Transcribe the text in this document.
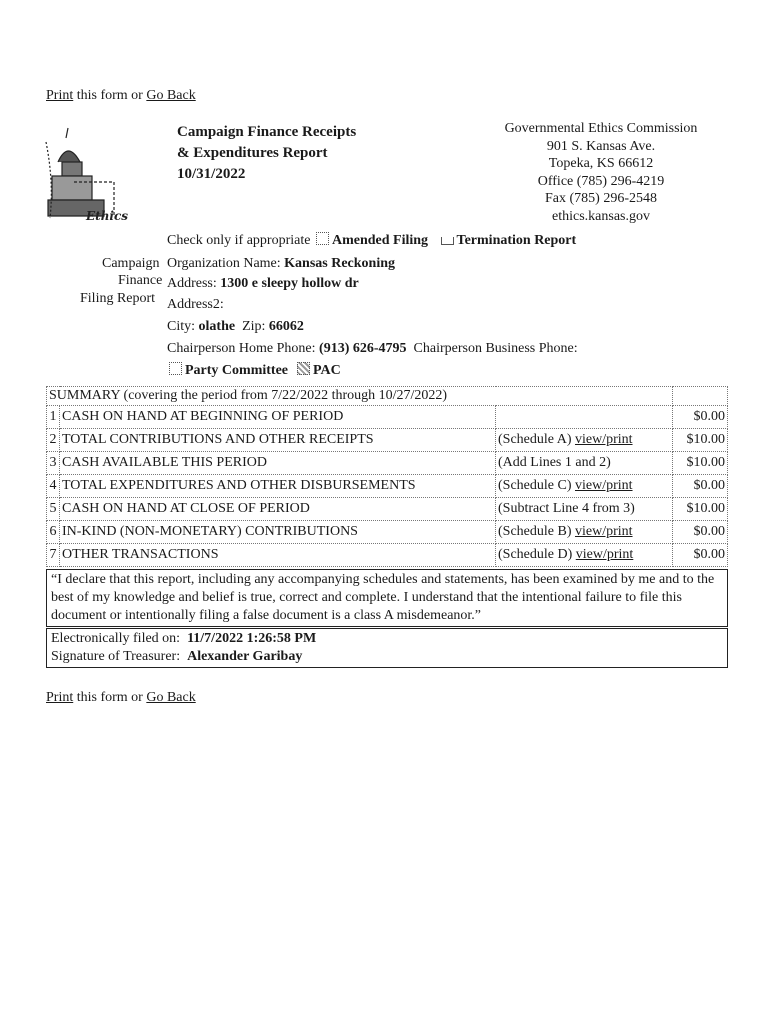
Print this form or Go Back
Ethics
Campaign Finance Receipts
& Expenditures Report
10/31/2022
Governmental Ethics Commission
901 S. Kansas Ave.
Topeka, KS 66612
Office (785) 296-4219
Fax (785) 296-2548
ethics.kansas.gov
Check only if appropriate Amended Filing Termination Report
Campaign
Finance
Filing Report
Organization Name: Kansas Reckoning
Address: 1300 e sleepy hollow dr
Address2:
City: olathe Zip: 66062
Chairperson Home Phone: (913) 626-4795 Chairperson Business Phone:
Party Committee PAC
SUMMARY (covering the period from 7/22/2022 through 10/27/2022)			
1	CASH ON HAND AT BEGINNING OF PERIOD		$0.00
2	TOTAL CONTRIBUTIONS AND OTHER RECEIPTS	(Schedule A) view/print	$10.00
3	CASH AVAILABLE THIS PERIOD	(Add Lines 1 and 2)	$10.00
4	TOTAL EXPENDITURES AND OTHER DISBURSEMENTS	(Schedule C) view/print	$0.00
5	CASH ON HAND AT CLOSE OF PERIOD	(Subtract Line 4 from 3)	$10.00
6	IN-KIND (NON-MONETARY) CONTRIBUTIONS	(Schedule B) view/print	$0.00
7	OTHER TRANSACTIONS	(Schedule D) view/print	$0.00
“I declare that this report, including any accompanying schedules and statements, has been examined by me and to the best of my knowledge and belief is true, correct and complete. I understand that the intentional failure to file this document or intentionally filing a false document is a class A misdemeanor.”
Electronically filed on: 11/7/2022 1:26:58 PM
Signature of Treasurer: Alexander Garibay
Print this form or Go Back
